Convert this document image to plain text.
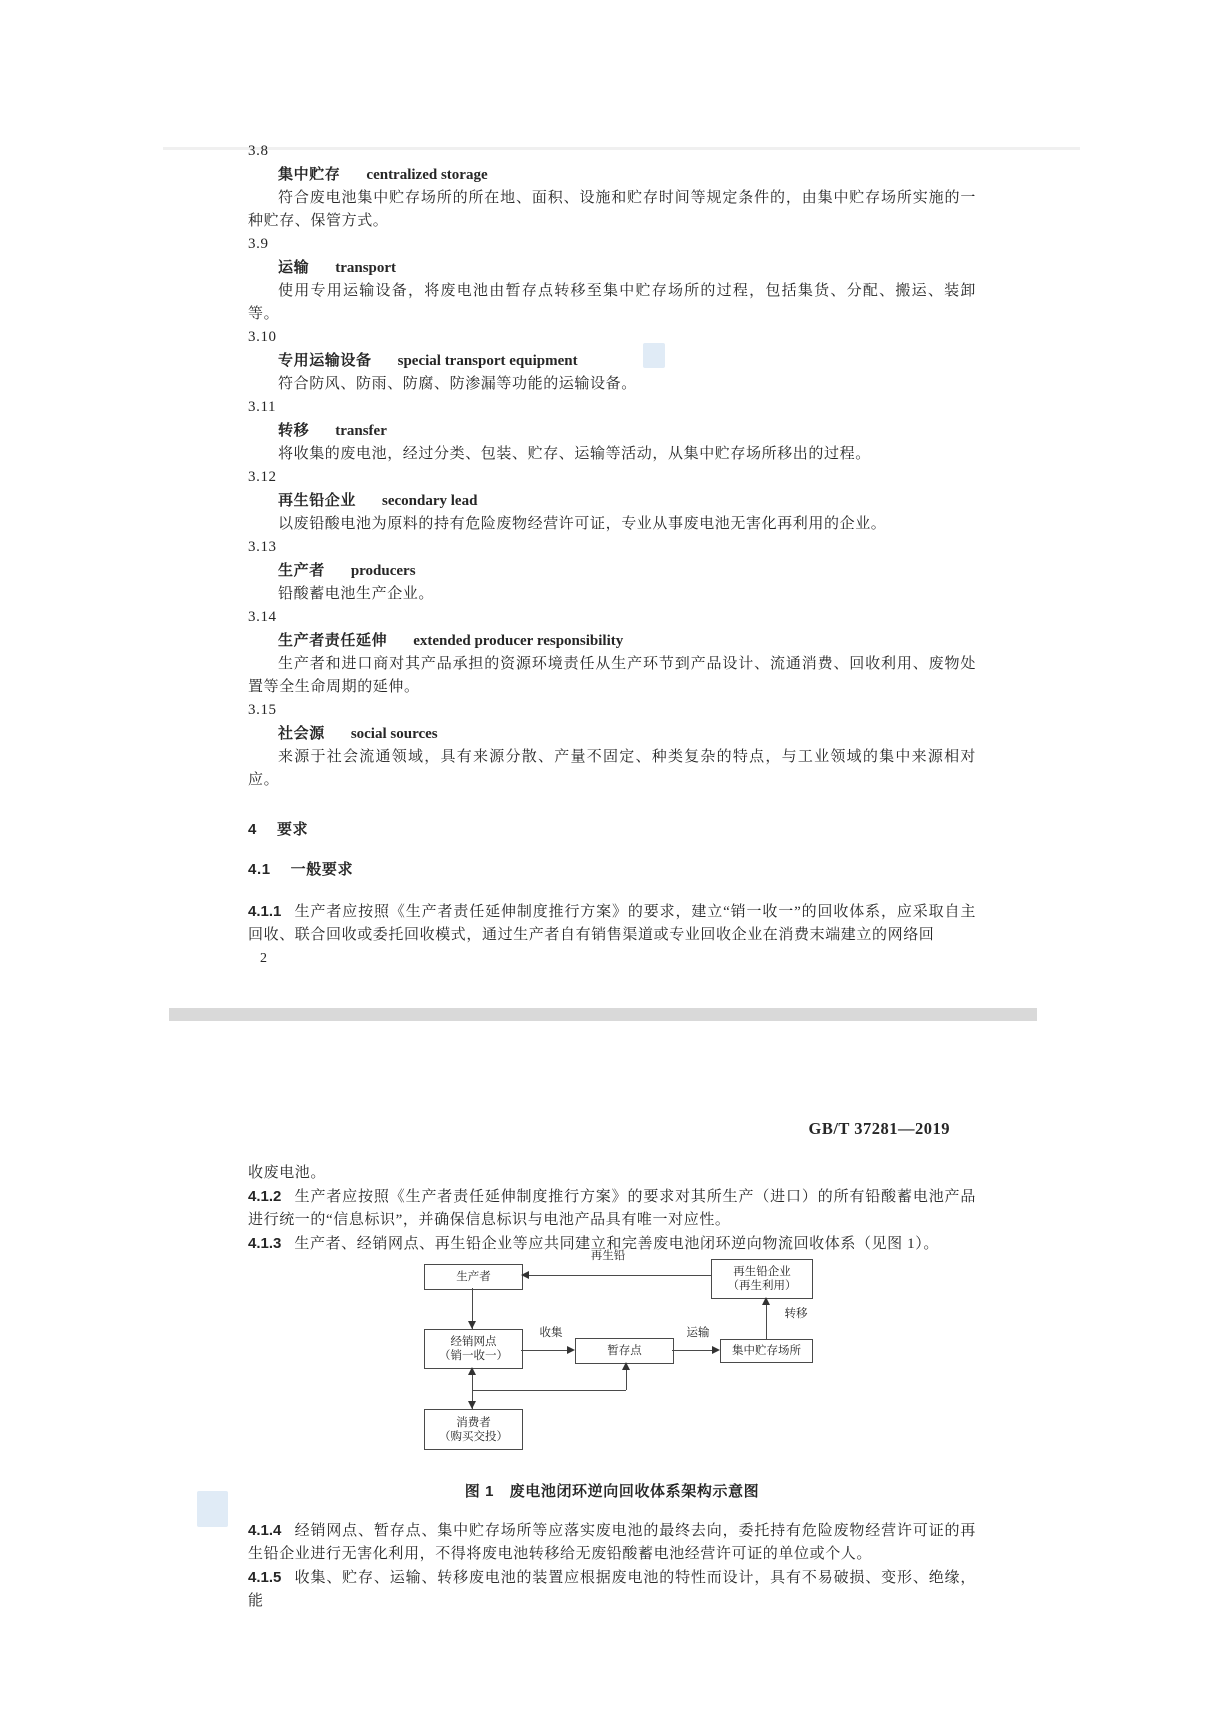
3.8
集中贮存 centralized storage

符合废电池集中贮存场所的所在地、面积、设施和贮存时间等规定条件的，由集中贮存场所实施的一种贮存、保管方式。

3.9
运输 transport

使用专用运输设备，将废电池由暂存点转移至集中贮存场所的过程，包括集货、分配、搬运、装卸等。

3.10
专用运输设备 special transport equipment

符合防风、防雨、防腐、防渗漏等功能的运输设备。

3.11
转移 transfer

将收集的废电池，经过分类、包装、贮存、运输等活动，从集中贮存场所移出的过程。

3.12
再生铅企业 secondary lead

以废铅酸电池为原料的持有危险废物经营许可证，专业从事废电池无害化再利用的企业。

3.13
生产者 producers

铅酸蓄电池生产企业。

3.14
生产者责任延伸 extended producer responsibility

生产者和进口商对其产品承担的资源环境责任从生产环节到产品设计、流通消费、回收利用、废物处置等全生命周期的延伸。

3.15
社会源 social sources

来源于社会流通领域，具有来源分散、产量不固定、种类复杂的特点，与工业领域的集中来源相对应。

4 要求
4.1 一般要求

4.1.1 生产者应按照《生产者责任延伸制度推行方案》的要求，建立“销一收一”的回收体系，应采取自主回收、联合回收或委托回收模式，通过生产者自有销售渠道或专业回收企业在消费末端建立的网络回

2
GB/T 37281—2019

收废电池。

4.1.2 生产者应按照《生产者责任延伸制度推行方案》的要求对其所生产（进口）的所有铅酸蓄电池产品进行统一的“信息标识”，并确保信息标识与电池产品具有唯一对应性。

4.1.3 生产者、经销网点、再生铅企业等应共同建立和完善废电池闭环逆向物流回收体系（见图 1）。

生产者	再生铅企业
（再生利用）
经销网点
（销一收一）	暂存点	集中贮存场所
消费者
（购买交投）
再生铅
收集	运输
转移
图 1　废电池闭环逆向回收体系架构示意图

4.1.4 经销网点、暂存点、集中贮存场所等应落实废电池的最终去向，委托持有危险废物经营许可证的再生铅企业进行无害化利用，不得将废电池转移给无废铅酸蓄电池经营许可证的单位或个人。

4.1.5 收集、贮存、运输、转移废电池的装置应根据废电池的特性而设计，具有不易破损、变形、绝缘，能
